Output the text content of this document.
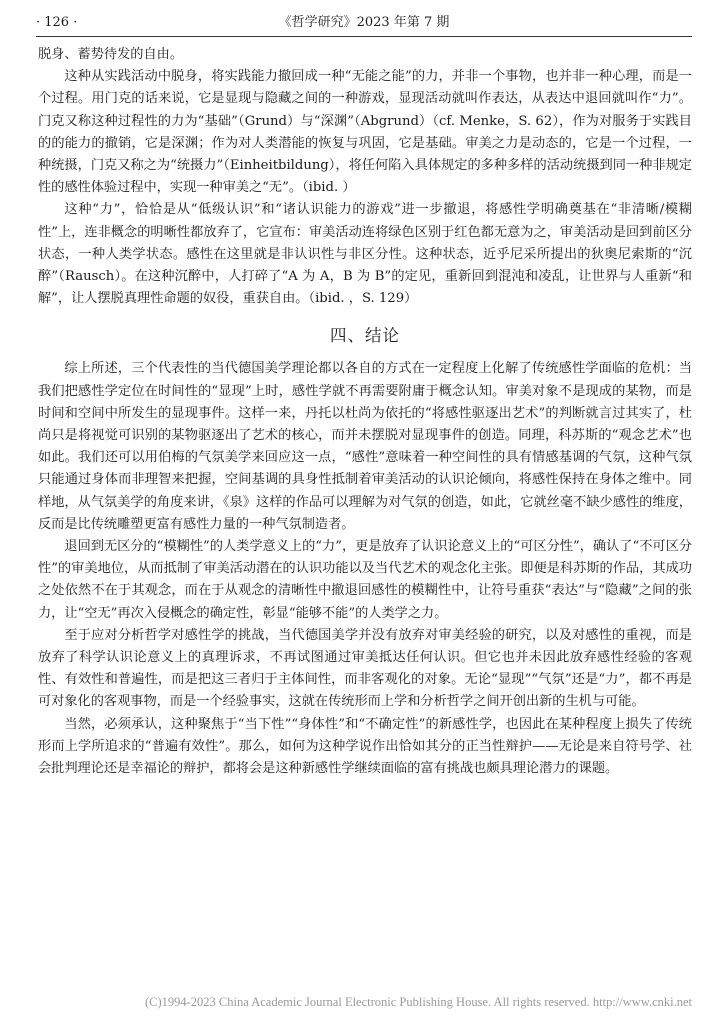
· 126 ·	《哲学研究》2023 年第 7 期

脱身、蓄势待发的自由。

这种从实践活动中脱身，将实践能力撤回成一种“无能之能”的力，并非一个事物，也并非一种心理，而是一个过程。用门克的话来说，它是显现与隐藏之间的一种游戏，显现活动就叫作表达，从表达中退回就叫作“力”。门克又称这种过程性的力为“基础”（Grund）与“深渊”（Abgrund）（cf. Menke，S. 62），作为对服务于实践目的的能力的撤销，它是深渊；作为对人类潜能的恢复与巩固，它是基础。审美之力是动态的，它是一个过程，一种统摄，门克又称之为“统摄力”（Einheitbildung），将任何陷入具体规定的多种多样的活动统摄到同一种非规定性的感性体验过程中，实现一种审美之“无”。（ibid. ）

这种“力”，恰恰是从“低级认识”和“诸认识能力的游戏”进一步撤退，将感性学明确奠基在“非清晰/模糊性”上，连非概念的明晰性都放弃了，它宣布：审美活动连将绿色区别于红色都无意为之，审美活动是回到前区分状态，一种人类学状态。感性在这里就是非认识性与非区分性。这种状态，近乎尼采所提出的狄奥尼索斯的“沉醉”（Rausch）。在这种沉醉中，人打碎了“A 为 A，B 为 B”的定见，重新回到混沌和凌乱，让世界与人重新“和解”，让人摆脱真理性命题的奴役，重获自由。（ibid. ，S. 129）

四、结论

综上所述，三个代表性的当代德国美学理论都以各自的方式在一定程度上化解了传统感性学面临的危机：当我们把感性学定位在时间性的“显现”上时，感性学就不再需要附庸于概念认知。审美对象不是现成的某物，而是时间和空间中所发生的显现事件。这样一来，丹托以杜尚为依托的“将感性驱逐出艺术”的判断就言过其实了，杜尚只是将视觉可识别的某物驱逐出了艺术的核心，而并未摆脱对显现事件的创造。同理，科苏斯的“观念艺术”也如此。我们还可以用伯梅的气氛美学来回应这一点，“感性”意味着一种空间性的具有情感基调的气氛，这种气氛只能通过身体而非理智来把握，空间基调的具身性抵制着审美活动的认识论倾向，将感性保持在身体之维中。同样地，从气氛美学的角度来讲，《泉》这样的作品可以理解为对气氛的创造，如此，它就丝毫不缺少感性的维度，反而是比传统雕塑更富有感性力量的一种气氛制造者。

退回到无区分的“模糊性”的人类学意义上的“力”，更是放弃了认识论意义上的“可区分性”，确认了“不可区分性”的审美地位，从而抵制了审美活动潜在的认识功能以及当代艺术的观念化主张。即便是科苏斯的作品，其成功之处依然不在于其观念，而在于从观念的清晰性中撤退回感性的模糊性中，让符号重获“表达”与“隐藏”之间的张力，让“空无”再次入侵概念的确定性，彰显“能够不能”的人类学之力。

至于应对分析哲学对感性学的挑战，当代德国美学并没有放弃对审美经验的研究，以及对感性的重视，而是放弃了科学认识论意义上的真理诉求，不再试图通过审美抵达任何认识。但它也并未因此放弃感性经验的客观性、有效性和普遍性，而是把这三者归于主体间性，而非客观化的对象。无论“显现”“气氛”还是“力”，都不再是可对象化的客观事物，而是一个经验事实，这就在传统形而上学和分析哲学之间开创出新的生机与可能。

当然，必须承认，这种聚焦于“当下性”“身体性”和“不确定性”的新感性学，也因此在某种程度上损失了传统形而上学所追求的“普遍有效性”。那么，如何为这种学说作出恰如其分的正当性辩护——无论是来自符号学、社会批判理论还是幸福论的辩护，都将会是这种新感性学继续面临的富有挑战也颇具理论潜力的课题。

(C)1994-2023 China Academic Journal Electronic Publishing House. All rights reserved. http://www.cnki.net
